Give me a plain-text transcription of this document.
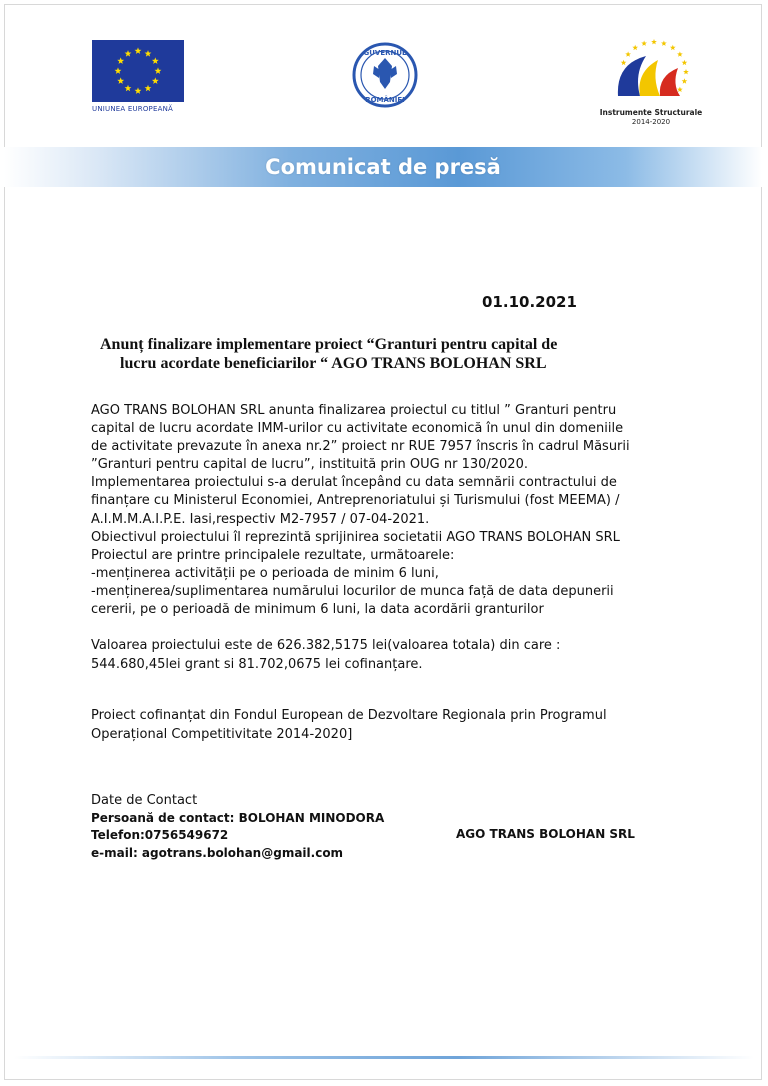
UNIUNEA EUROPEANĂ
GUVERNUL
ROMÂNIEI
Instrumente Structurale
2014-2020
Comunicat de presă
01.10.2021
Anunț finalizare implementare proiect “Granturi pentru capital de
lucru acordate beneficiarilor “ AGO TRANS BOLOHAN SRL

AGO TRANS BOLOHAN SRL anunta finalizarea proiectul cu titlul ” Granturi pentru

capital de lucru acordate IMM-urilor cu activitate economică în unul din domeniile

de activitate prevazute în anexa nr.2” proiect nr RUE 7957 înscris în cadrul Măsurii

”Granturi pentru capital de lucru”, instituită prin OUG nr 130/2020.

Implementarea proiectului s-a derulat începând cu data semnării contractului de

finanțare cu Ministerul Economiei, Antreprenoriatului și Turismului (fost MEEMA) /

A.I.M.M.A.I.P.E. Iasi,respectiv M2-7957 / 07-04-2021.

Obiectivul proiectului îl reprezintă sprijinirea societatii AGO TRANS BOLOHAN SRL

Proiectul are printre principalele rezultate, următoarele:

-menținerea activității pe o perioada de minim 6 luni,

-menținerea/suplimentarea numărului locurilor de munca față de data depunerii

cererii, pe o perioadă de minimum 6 luni, la data acordării granturilor

Valoarea proiectului este de 626.382,5175 lei(valoarea totala) din care :

544.680,45lei grant si 81.702,0675 lei cofinanțare.

Proiect cofinanțat din Fondul European de Dezvoltare Regionala prin Programul

Operațional Competitivitate 2014-2020]

Date de Contact
Persoană de contact: BOLOHAN MINODORA
Telefon:0756549672
e-mail: agotrans.bolohan@gmail.com
AGO TRANS BOLOHAN SRL
